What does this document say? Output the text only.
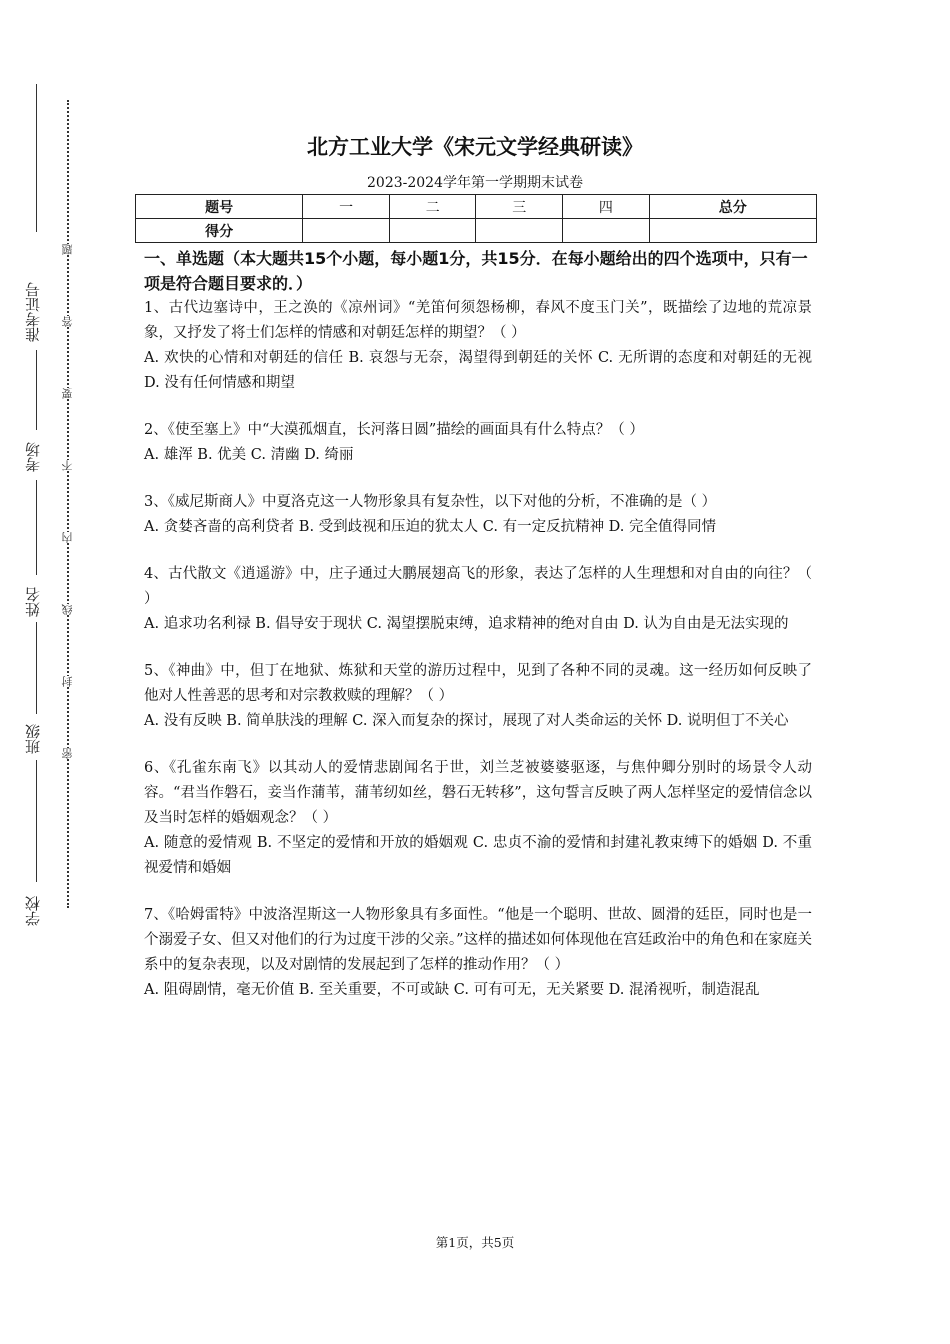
准考证号
考场
姓名
班级
学校
题
答
要
不
内
线
封
密
北方工业大学《宋元文学经典研读》
2023-2024学年第一学期期末试卷
题号	一	二	三	四	总分
得分					
一、单选题（本大题共15个小题，每小题1分，共15分．在每小题给出的四个选项中，只有一项是符合题目要求的．）

1、古代边塞诗中，王之涣的《凉州词》“羌笛何须怨杨柳，春风不度玉门关”，既描绘了边地的荒凉景象，又抒发了将士们怎样的情感和对朝廷怎样的期望？（ ）

A. 欢快的心情和对朝廷的信任 B. 哀怨与无奈，渴望得到朝廷的关怀 C. 无所谓的态度和对朝廷的无视 D. 没有任何情感和期望

2、《使至塞上》中“大漠孤烟直，长河落日圆”描绘的画面具有什么特点？（ ）

A. 雄浑 B. 优美 C. 清幽 D. 绮丽

3、《威尼斯商人》中夏洛克这一人物形象具有复杂性，以下对他的分析，不准确的是（ ）

A. 贪婪吝啬的高利贷者 B. 受到歧视和压迫的犹太人 C. 有一定反抗精神 D. 完全值得同情

4、古代散文《逍遥游》中，庄子通过大鹏展翅高飞的形象，表达了怎样的人生理想和对自由的向往？（ ）

A. 追求功名利禄 B. 倡导安于现状 C. 渴望摆脱束缚，追求精神的绝对自由 D. 认为自由是无法实现的

5、《神曲》中，但丁在地狱、炼狱和天堂的游历过程中，见到了各种不同的灵魂。这一经历如何反映了他对人性善恶的思考和对宗教救赎的理解？（ ）

A. 没有反映 B. 简单肤浅的理解 C. 深入而复杂的探讨，展现了对人类命运的关怀 D. 说明但丁不关心

6、《孔雀东南飞》以其动人的爱情悲剧闻名于世，刘兰芝被婆婆驱逐，与焦仲卿分别时的场景令人动容。“君当作磐石，妾当作蒲苇，蒲苇纫如丝，磐石无转移”，这句誓言反映了两人怎样坚定的爱情信念以及当时怎样的婚姻观念？（ ）

A. 随意的爱情观 B. 不坚定的爱情和开放的婚姻观 C. 忠贞不渝的爱情和封建礼教束缚下的婚姻 D. 不重视爱情和婚姻

7、《哈姆雷特》中波洛涅斯这一人物形象具有多面性。“他是一个聪明、世故、圆滑的廷臣，同时也是一个溺爱子女、但又对他们的行为过度干涉的父亲。”这样的描述如何体现他在宫廷政治中的角色和在家庭关系中的复杂表现，以及对剧情的发展起到了怎样的推动作用？（ ）

A. 阻碍剧情，毫无价值 B. 至关重要，不可或缺 C. 可有可无，无关紧要 D. 混淆视听，制造混乱

第1页，共5页
